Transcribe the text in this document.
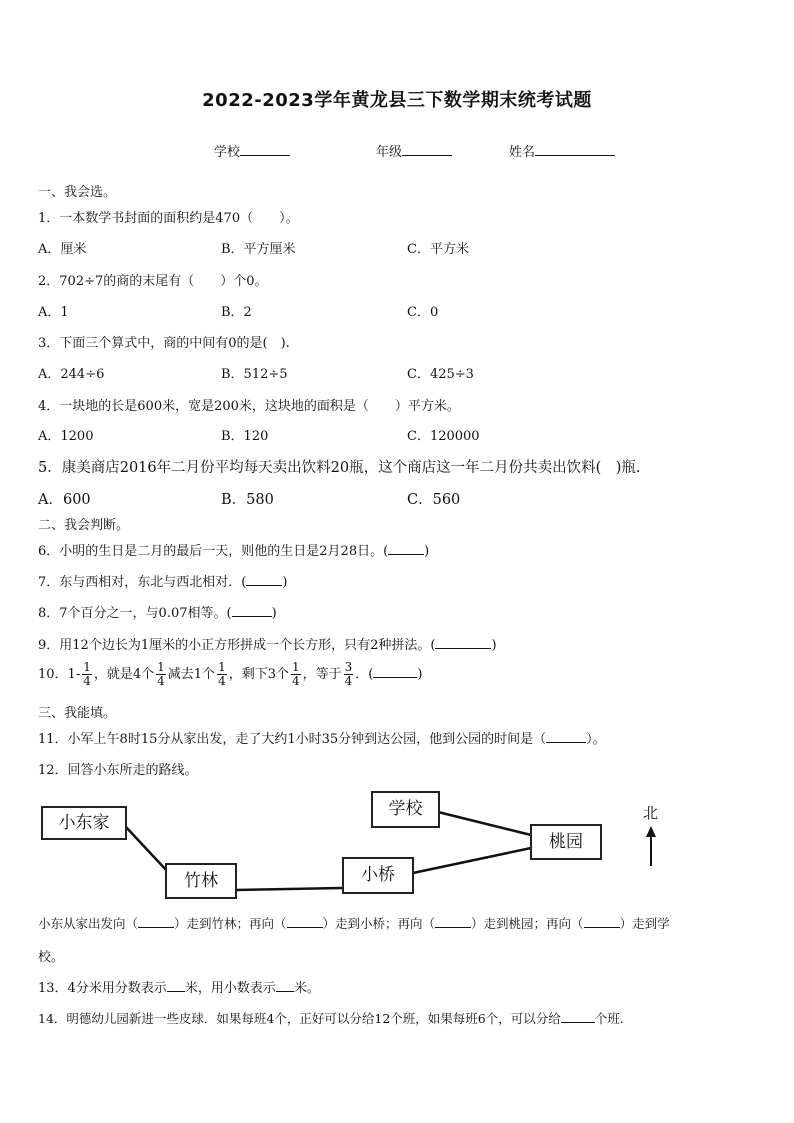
2022-2023学年黄龙县三下数学期末统考试题
学校	年级	姓名
一、我会选。
1．一本数学书封面的面积约是470（　　）。
A．厘米	B．平方厘米	C．平方米
2．702÷7的商的末尾有（　　）个0。
A．1	B．2	C．0
3．下面三个算式中，商的中间有0的是(　).
A．244÷6	B．512÷5	C．425÷3
4．一块地的长是600米，宽是200米，这块地的面积是（　　）平方米。
A．1200	B．120	C．120000
5．康美商店2016年二月份平均每天卖出饮料20瓶，这个商店这一年二月份共卖出饮料(　)瓶.
A．600	B．580	C．560
二、我会判断。
6．小明的生日是二月的最后一天，则他的生日是2月28日。(	)
7．东与西相对，东北与西北相对．(	)
8．7个百分之一，与0.07相等。(	)
9．用12个边长为1厘米的小正方形拼成一个长方形，只有2种拼法。(	)
10．$1- \frac{1}{4}$ ，就是4个 $\frac{1}{4}$ 减去1个 $\frac{1}{4}$ ，剩下3个 $\frac{1}{4}$ ，等于 $\frac{3}{4}$ ．(	)
三、我能填。
11．小军上午8时15分从家出发，走了大约1小时35分钟到达公园，他到公园的时间是（	）。
12．回答小东所走的路线。
小东家
竹林	小桥
学校
桃园
北
小东从家出发向（	）走到竹林；再向（	）走到小桥；再向（	）走到桃园；再向（	）走到学
校。
13．4分米用分数表示 米，用小数表示 米。
14．明德幼儿园新进一些皮球．如果每班4个，正好可以分给12个班，如果每班6个，可以分给	个班.
